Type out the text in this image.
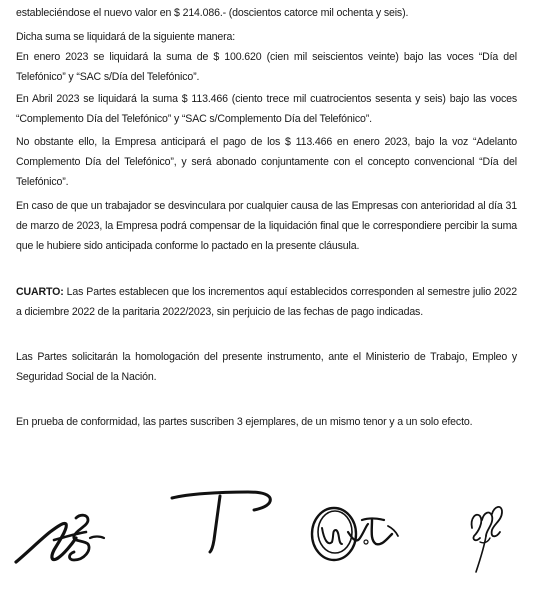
estableciéndose el nuevo valor en $ 214.086.- (doscientos catorce mil ochenta y seis).

Dicha suma se liquidará de la siguiente manera:

En enero 2023 se liquidará la suma de $ 100.620 (cien mil seiscientos veinte) bajo las voces “Día del Telefónico” y “SAC s/Día del Telefónico”.

En Abril 2023 se liquidará la suma $ 113.466 (ciento trece mil cuatrocientos sesenta y seis) bajo las voces “Complemento Día del Telefónico” y “SAC s/Complemento Día del Telefónico”.

No obstante ello, la Empresa anticipará el pago de los $ 113.466 en enero 2023, bajo la voz “Adelanto Complemento Día del Telefónico”, y será abonado conjuntamente con el concepto convencional “Día del Telefónico”.

En caso de que un trabajador se desvinculara por cualquier causa de las Empresas con anterioridad al día 31 de marzo de 2023, la Empresa podrá compensar de la liquidación final que le correspondiere percibir la suma que le hubiere sido anticipada conforme lo pactado en la presente cláusula.

CUARTO: Las Partes establecen que los incrementos aquí establecidos corresponden al semestre julio 2022 a diciembre 2022 de la paritaria 2022/2023, sin perjuicio de las fechas de pago indicadas.

Las Partes solicitarán la homologación del presente instrumento, ante el Ministerio de Trabajo, Empleo y Seguridad Social de la Nación.

En prueba de conformidad, las partes suscriben 3 ejemplares, de un mismo tenor y a un solo efecto.
